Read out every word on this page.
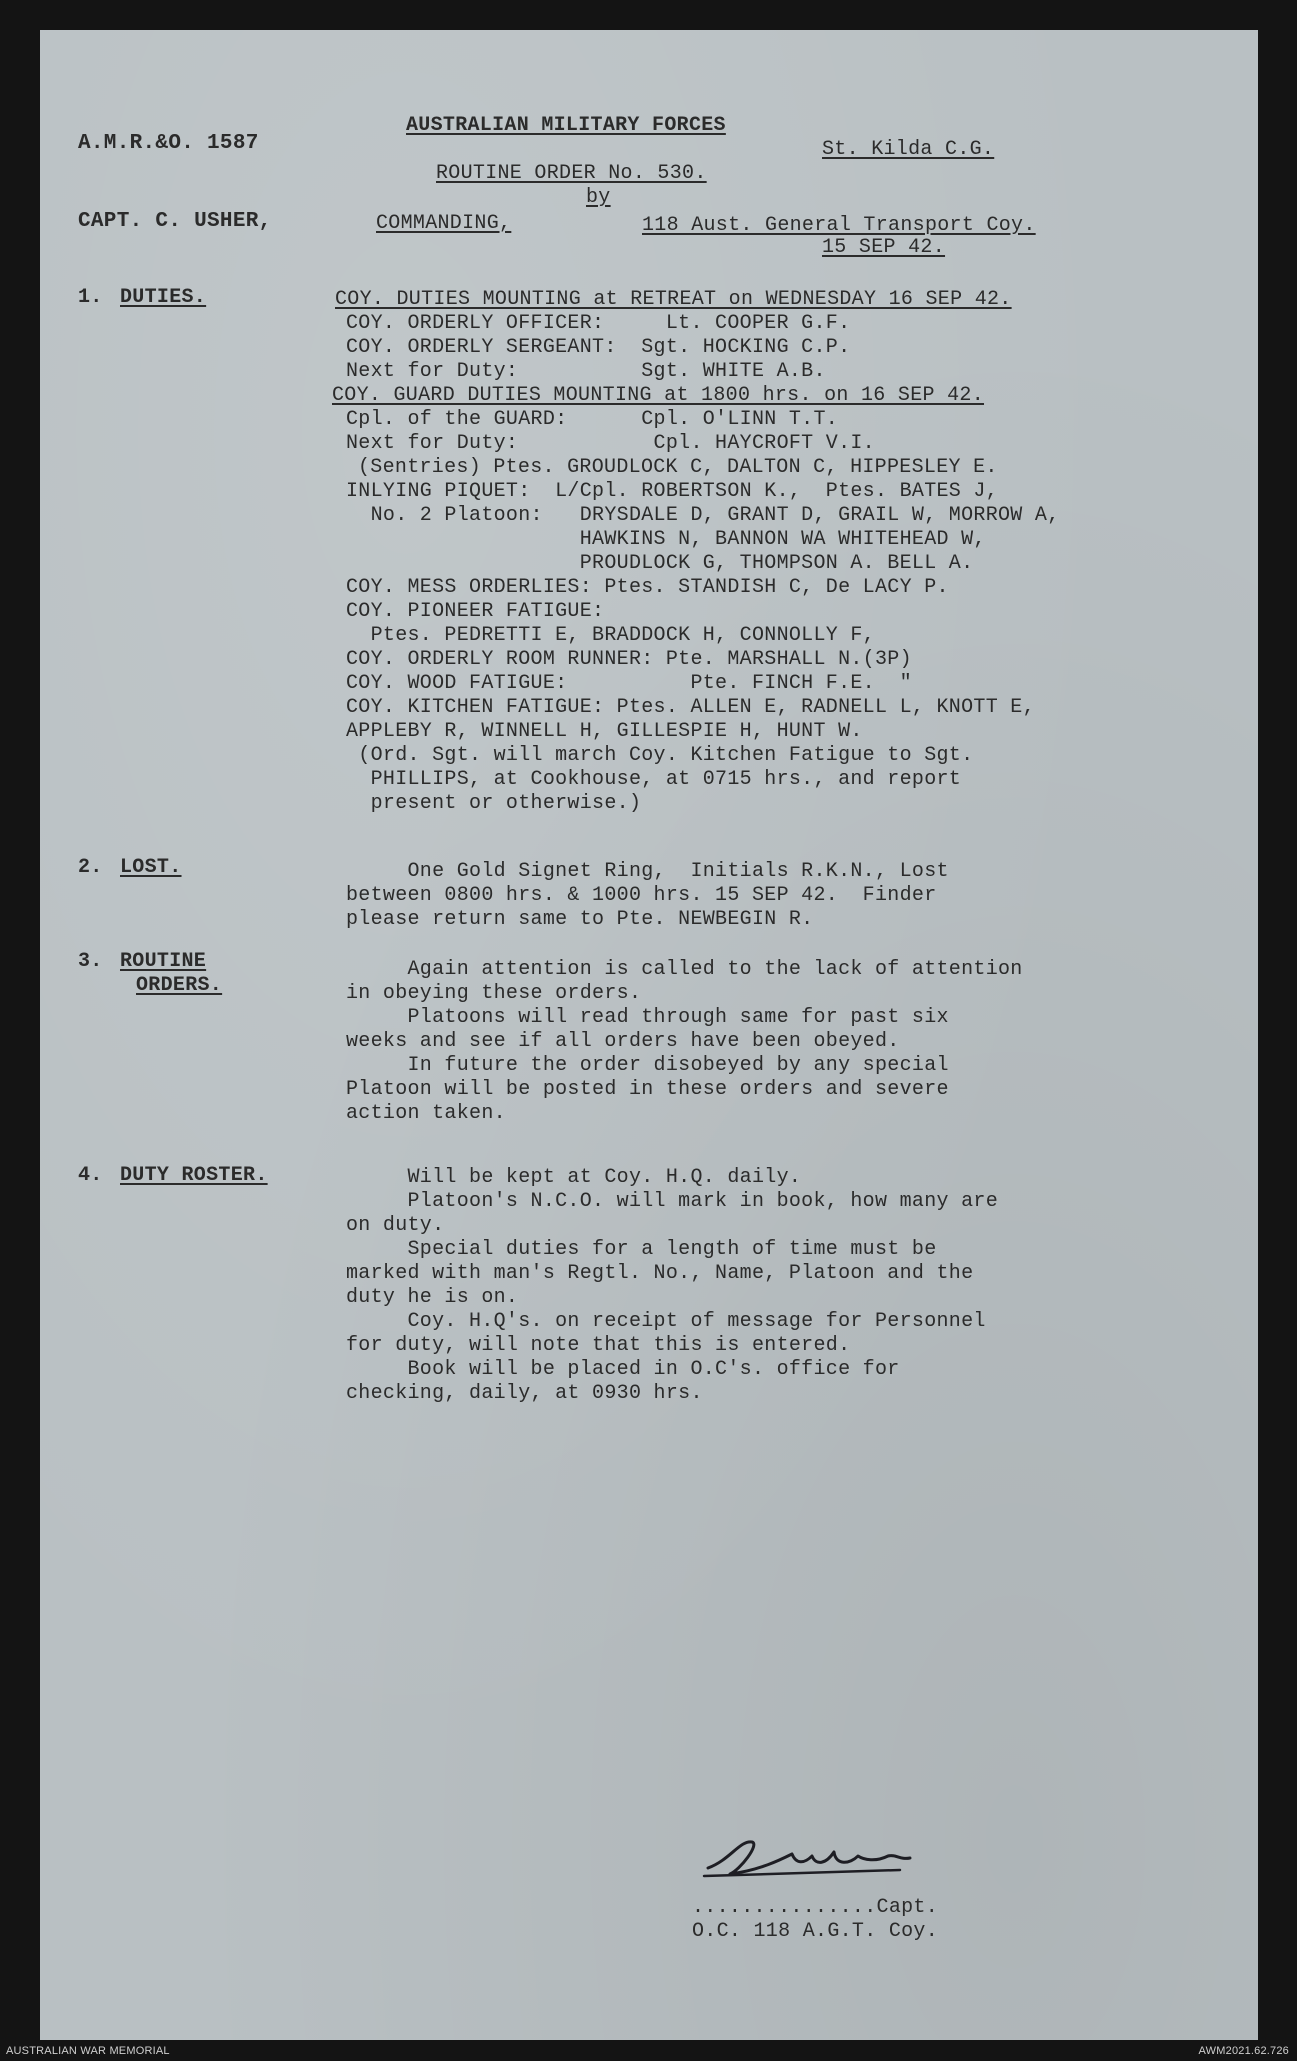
A.M.R.&O. 1587
AUSTRALIAN MILITARY FORCES
St. Kilda C.G.
ROUTINE ORDER No. 530.
by
CAPT. C. USHER,	COMMANDING,	118 Aust. General Transport Coy.
15 SEP 42.
1. DUTIES.	COY. DUTIES MOUNTING at RETREAT on WEDNESDAY 16 SEP 42.
COY. ORDERLY OFFICER:     Lt. COOPER G.F.
COY. ORDERLY SERGEANT:  Sgt. HOCKING C.P.
Next for Duty:          Sgt. WHITE A.B.
COY. GUARD DUTIES MOUNTING at 1800 hrs. on 16 SEP 42.
Cpl. of the GUARD:      Cpl. O'LINN T.T.
Next for Duty:           Cpl. HAYCROFT V.I.
(Sentries) Ptes. GROUDLOCK C, DALTON C, HIPPESLEY E.
INLYING PIQUET:  L/Cpl. ROBERTSON K.,  Ptes. BATES J,
No. 2 Platoon:   DRYSDALE D, GRANT D, GRAIL W, MORROW A,
HAWKINS N, BANNON WA WHITEHEAD W,
PROUDLOCK G, THOMPSON A. BELL A.
COY. MESS ORDERLIES: Ptes. STANDISH C, De LACY P.
COY. PIONEER FATIGUE:
Ptes. PEDRETTI E, BRADDOCK H, CONNOLLY F,
COY. ORDERLY ROOM RUNNER: Pte. MARSHALL N.(3P)
COY. WOOD FATIGUE:          Pte. FINCH F.E.  "
COY. KITCHEN FATIGUE: Ptes. ALLEN E, RADNELL L, KNOTT E,
APPLEBY R, WINNELL H, GILLESPIE H, HUNT W.
(Ord. Sgt. will march Coy. Kitchen Fatigue to Sgt.
PHILLIPS, at Cookhouse, at 0715 hrs., and report
present or otherwise.)
2. LOST.	One Gold Signet Ring,  Initials R.K.N., Lost
between 0800 hrs. & 1000 hrs. 15 SEP 42.  Finder
please return same to Pte. NEWBEGIN R.
3. ROUTINE
ORDERS.
Again attention is called to the lack of attention
in obeying these orders.
Platoons will read through same for past six
weeks and see if all orders have been obeyed.
In future the order disobeyed by any special
Platoon will be posted in these orders and severe
action taken.
4. DUTY ROSTER.	Will be kept at Coy. H.Q. daily.
Platoon's N.C.O. will mark in book, how many are
on duty.
Special duties for a length of time must be
marked with man's Regtl. No., Name, Platoon and the
duty he is on.
Coy. H.Q's. on receipt of message for Personnel
for duty, will note that this is entered.
Book will be placed in O.C's. office for
checking, daily, at 0930 hrs.
...............Capt.
O.C. 118 A.G.T. Coy.
AUSTRALIAN WAR MEMORIAL	AWM2021.62.726
